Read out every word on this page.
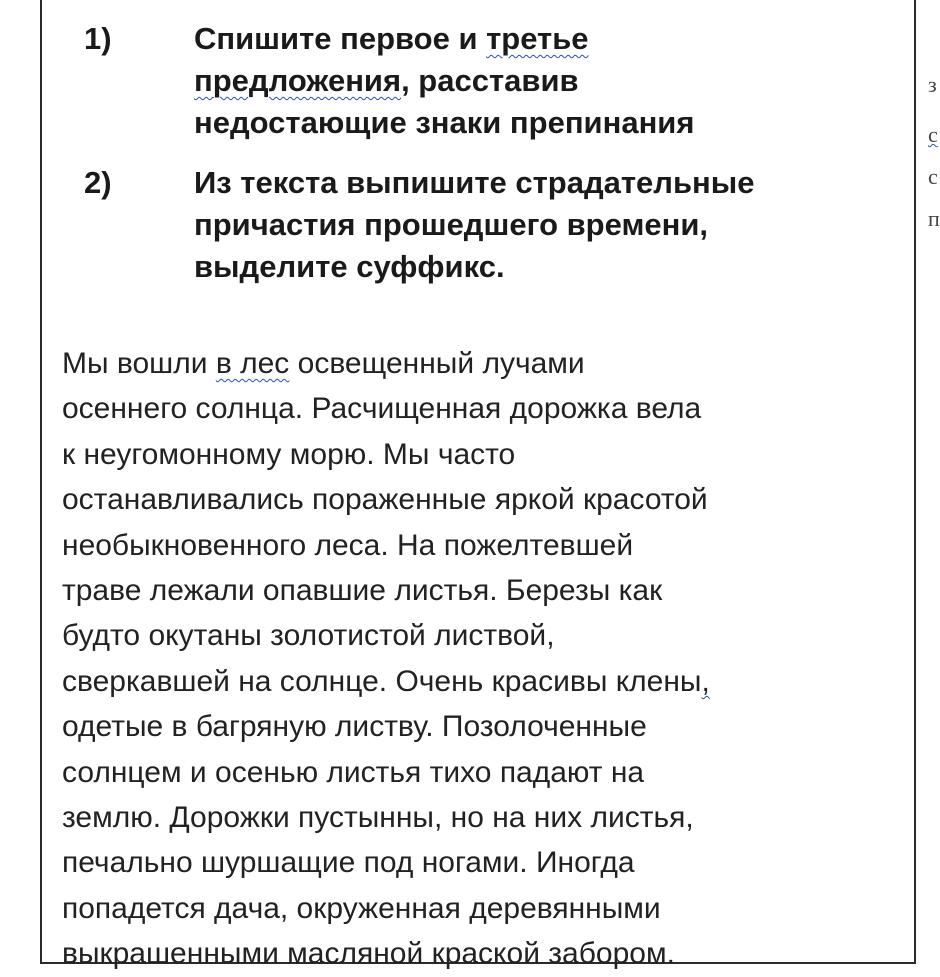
1)	Спишите первое и третье
предложения, расставив
недостающие знаки препинания
2)	Из текста выпишите страдательные
причастия прошедшего времени,
выделите суффикс.
Мы вошли в лес освещенный лучами
осеннего солнца. Расчищенная дорожка вела
к неугомонному морю. Мы часто
останавливались пораженные яркой красотой
необыкновенного леса. На пожелтевшей
траве лежали опавшие листья. Березы как
будто окутаны золотистой листвой,
сверкавшей на солнце. Очень красивы клены,
одетые в багряную листву. Позолоченные
солнцем и осенью листья тихо падают на
землю. Дорожки пустынны, но на них листья,
печально шуршащие под ногами. Иногда
попадется дача, окруженная деревянными
выкрашенными масляной краской забором.
з
с
с
п
